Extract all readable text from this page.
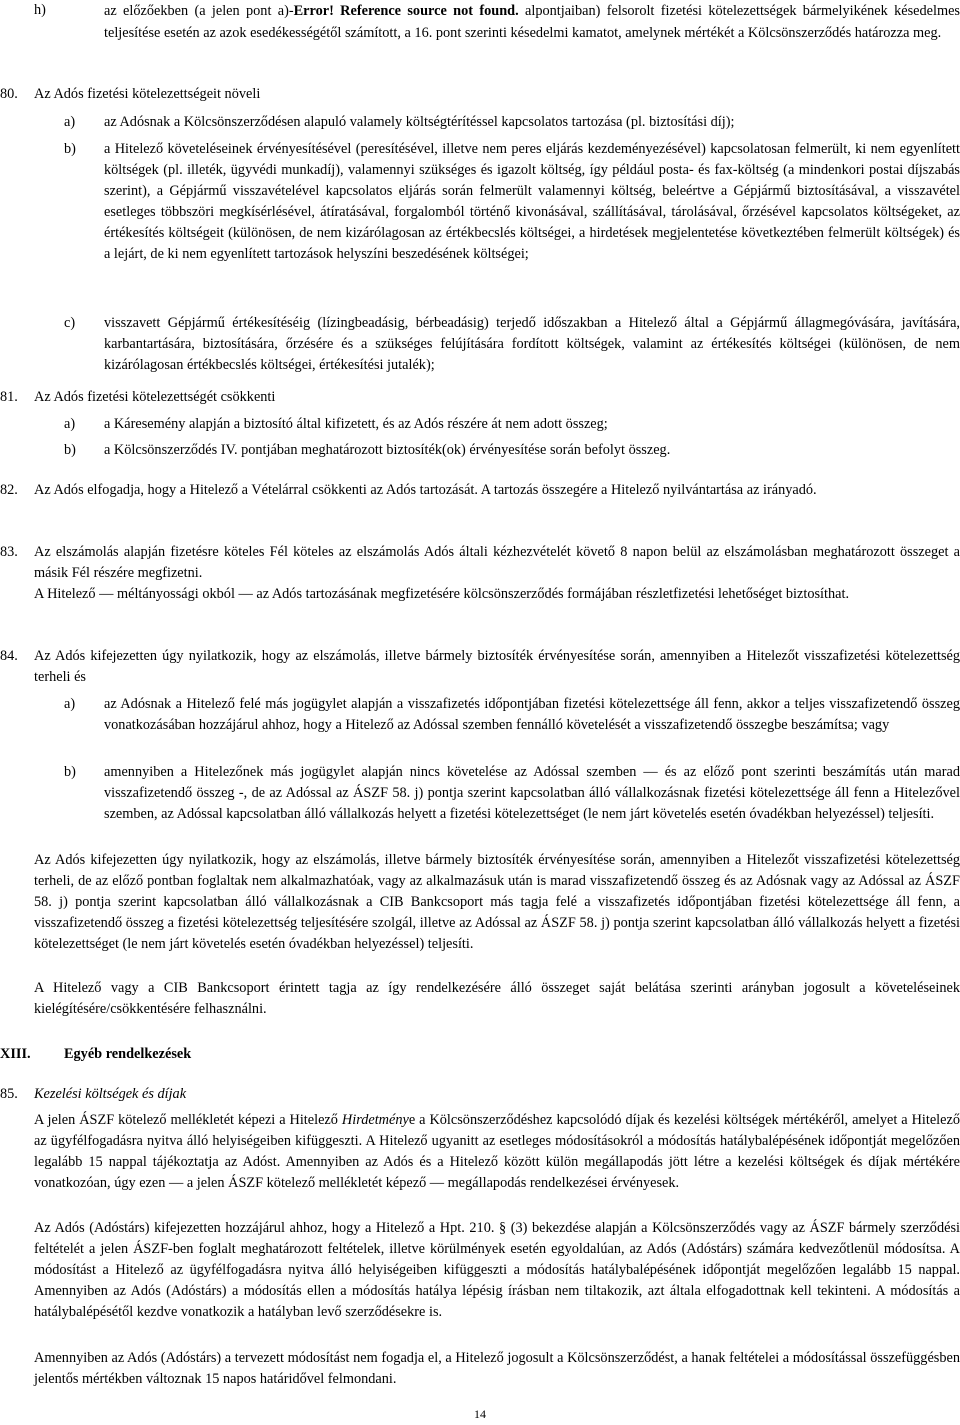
h)	az előzőekben (a jelen pont a)-Error! Reference source not found. alpontjaiban) felsorolt fizetési kötelezettségek bármelyikének késedelmes teljesítése esetén az azok esedékességétől számított, a 16. pont szerinti késedelmi kamatot, amelynek mértékét a Kölcsönszerződés határozza meg.
80.	Az Adós fizetési kötelezettségeit növeli
a)	az Adósnak a Kölcsönszerződésen alapuló valamely költségtérítéssel kapcsolatos tartozása (pl. biztosítási díj);
b)	a Hitelező követeléseinek érvényesítésével (peresítésével, illetve nem peres eljárás kezdeményezésével) kapcsolatosan felmerült, ki nem egyenlített költségek (pl. illeték, ügyvédi munkadíj), valamennyi szükséges és igazolt költség, így például posta- és fax-költség (a mindenkori postai díjszabás szerint), a Gépjármű visszavételével kapcsolatos eljárás során felmerült valamennyi költség, beleértve a Gépjármű biztosításával, a visszavétel esetleges többszöri megkísérlésével, átíratásával, forgalomból történő kivonásával, szállításával, tárolásával, őrzésével kapcsolatos költségeket, az értékesítés költségeit (különösen, de nem kizárólagosan az értékbecslés költségei, a hirdetések megjelentetése következtében felmerült költségek) és a lejárt, de ki nem egyenlített tartozások helyszíni beszedésének költségei;
c)	visszavett Gépjármű értékesítéséig (lízingbeadásig, bérbeadásig) terjedő időszakban a Hitelező által a Gépjármű állagmegóvására, javítására, karbantartására, biztosítására, őrzésére és a szükséges felújítására fordított költségek, valamint az értékesítés költségei (különösen, de nem kizárólagosan értékbecslés költségei, értékesítési jutalék);
81.	Az Adós fizetési kötelezettségét csökkenti
a)	a Káresemény alapján a biztosító által kifizetett, és az Adós részére át nem adott összeg;
b)	a Kölcsönszerződés IV. pontjában meghatározott biztosíték(ok) érvényesítése során befolyt összeg.
82.	Az Adós elfogadja, hogy a Hitelező a Vételárral csökkenti az Adós tartozását. A tartozás összegére a Hitelező nyilvántartása az irányadó.
83.	Az elszámolás alapján fizetésre köteles Fél köteles az elszámolás Adós általi kézhezvételét követő 8 napon belül az elszámolásban meghatározott összeget a másik Fél részére megfizetni.
A Hitelező — méltányossági okból — az Adós tartozásának megfizetésére kölcsönszerződés formájában részletfizetési lehetőséget biztosíthat.
84.	Az Adós kifejezetten úgy nyilatkozik, hogy az elszámolás, illetve bármely biztosíték érvényesítése során, amennyiben a Hitelezőt visszafizetési kötelezettség terheli és
a)	az Adósnak a Hitelező felé más jogügylet alapján a visszafizetés időpontjában fizetési kötelezettsége áll fenn, akkor a teljes visszafizetendő összeg vonatkozásában hozzájárul ahhoz, hogy a Hitelező az Adóssal szemben fennálló követelését a visszafizetendő összegbe beszámítsa; vagy
b)	amennyiben a Hitelezőnek más jogügylet alapján nincs követelése az Adóssal szemben — és az előző pont szerinti beszámítás után marad visszafizetendő összeg -, de az Adóssal az ÁSZF 58. j) pontja szerint kapcsolatban álló vállalkozásnak fizetési kötelezettsége áll fenn a Hitelezővel szemben, az Adóssal kapcsolatban álló vállalkozás helyett a fizetési kötelezettséget (le nem járt követelés esetén óvadékban helyezéssel) teljesíti.
Az Adós kifejezetten úgy nyilatkozik, hogy az elszámolás, illetve bármely biztosíték érvényesítése során, amennyiben a Hitelezőt visszafizetési kötelezettség terheli, de az előző pontban foglaltak nem alkalmazhatóak, vagy az alkalmazásuk után is marad visszafizetendő összeg és az Adósnak vagy az Adóssal az ÁSZF 58. j) pontja szerint kapcsolatban álló vállalkozásnak a CIB Bankcsoport más tagja felé a visszafizetés időpontjában fizetési kötelezettsége áll fenn, a visszafizetendő összeg a fizetési kötelezettség teljesítésére szolgál, illetve az Adóssal az ÁSZF 58. j) pontja szerint kapcsolatban álló vállalkozás helyett a fizetési kötelezettséget (le nem járt követelés esetén óvadékban helyezéssel) teljesíti.
A Hitelező vagy a CIB Bankcsoport érintett tagja az így rendelkezésére álló összeget saját belátása szerinti arányban jogosult a követeléseinek kielégítésére/csökkentésére felhasználni.
XIII. Egyéb rendelkezések
85.	Kezelési költségek és díjak
A jelen ÁSZF kötelező mellékletét képezi a Hitelező Hirdetménye a Kölcsönszerződéshez kapcsolódó díjak és kezelési költségek mértékéről, amelyet a Hitelező az ügyfélfogadásra nyitva álló helyiségeiben kifüggeszti. A Hitelező ugyanitt az esetleges módosításokról a módosítás hatálybalépésének időpontját megelőzően legalább 15 nappal tájékoztatja az Adóst. Amennyiben az Adós és a Hitelező között külön megállapodás jött létre a kezelési költségek és díjak mértékére vonatkozóan, úgy ezen — a jelen ÁSZF kötelező mellékletét képező — megállapodás rendelkezései érvényesek.
Az Adós (Adóstárs) kifejezetten hozzájárul ahhoz, hogy a Hitelező a Hpt. 210. § (3) bekezdése alapján a Kölcsönszerződés vagy az ÁSZF bármely szerződési feltételét a jelen ÁSZF-ben foglalt meghatározott feltételek, illetve körülmények esetén egyoldalúan, az Adós (Adóstárs) számára kedvezőtlenül módosítsa. A módosítást a Hitelező az ügyfélfogadásra nyitva álló helyiségeiben kifüggeszti a módosítás hatálybalépésének időpontját megelőzően legalább 15 nappal. Amennyiben az Adós (Adóstárs) a módosítás ellen a módosítás hatálya lépésig írásban nem tiltakozik, azt általa elfogadottnak kell tekinteni. A módosítás a hatálybalépésétől kezdve vonatkozik a hatályban levő szerződésekre is.
Amennyiben az Adós (Adóstárs) a tervezett módosítást nem fogadja el, a Hitelező jogosult a Kölcsönszerződést, a hanak feltételei a módosítással összefüggésben jelentős mértékben változnak 15 napos határidővel felmondani.
14
